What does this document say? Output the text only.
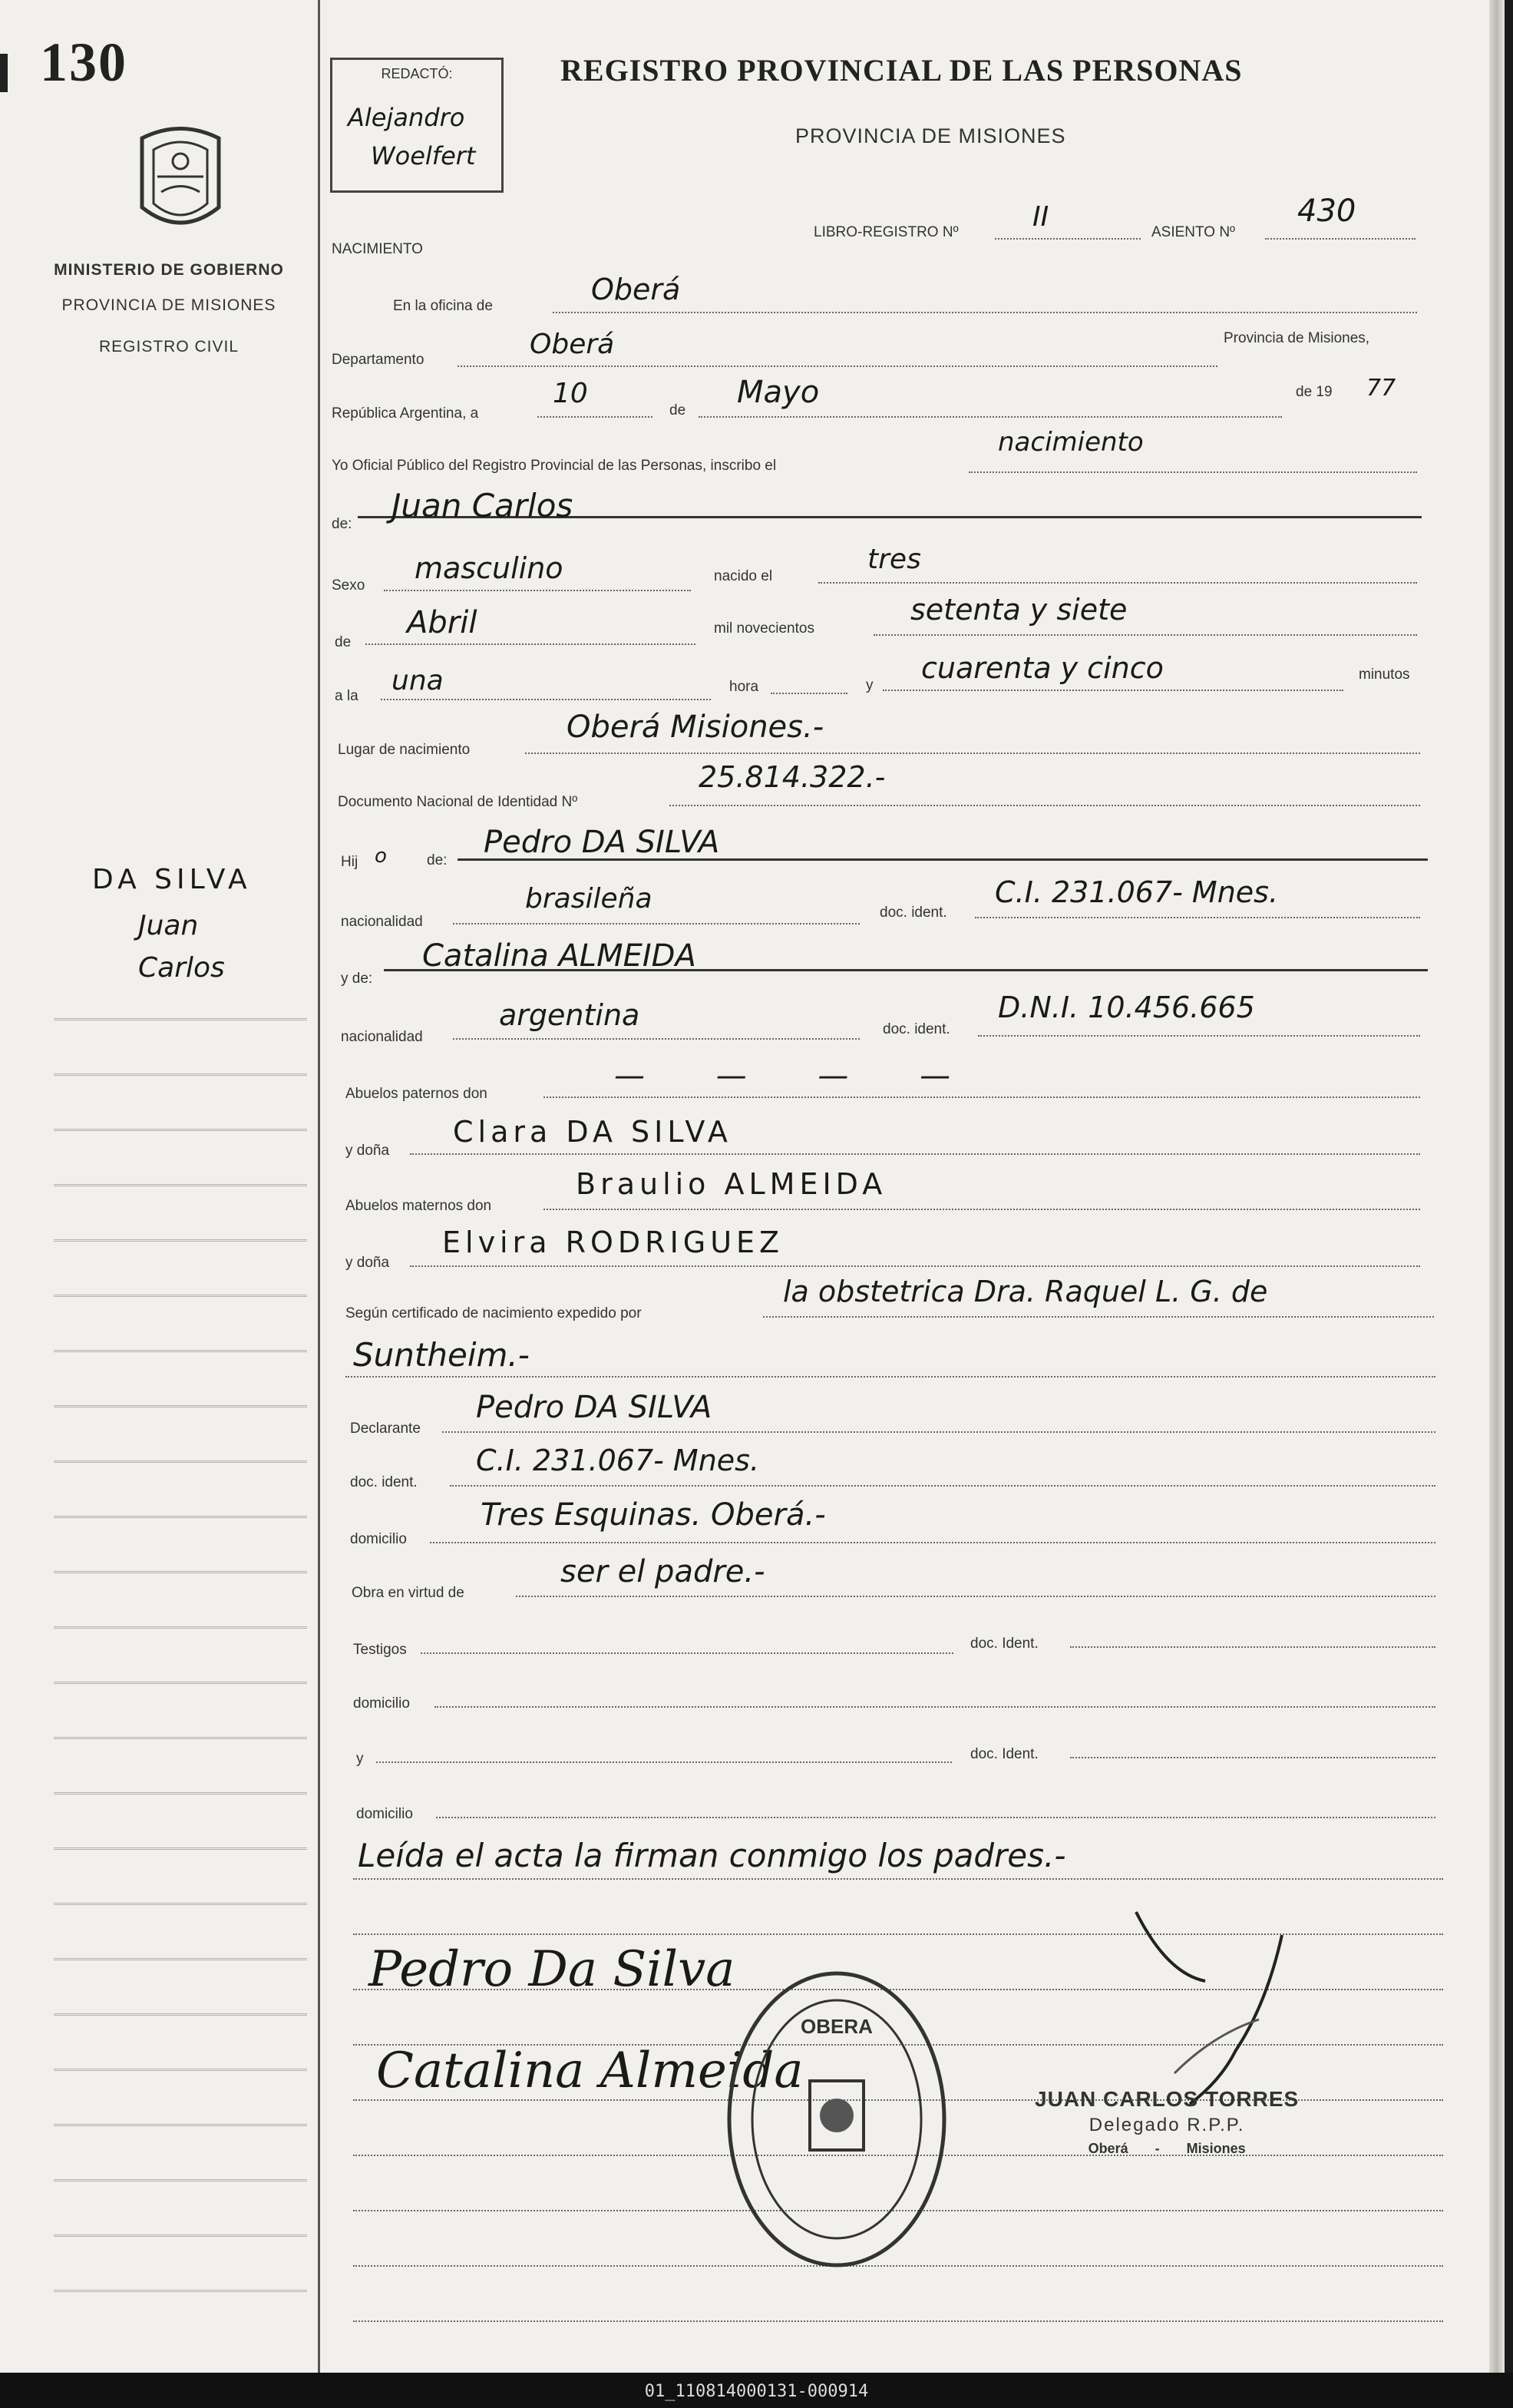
130
MINISTERIO DE GOBIERNO
PROVINCIA DE MISIONES
REGISTRO CIVIL
DA SILVA
Juan
Carlos
REDACTÓ:
Alejandro
Woelfert
REGISTRO PROVINCIAL DE LAS PERSONAS
PROVINCIA DE MISIONES
NACIMIENTO
LIBRO-REGISTRO Nº	II	ASIENTO Nº
430
En la oficina de	Oberá
Departamento	Oberá	Provincia de Misiones,
República Argentina, a
10
de
Mayo	de 19 77
Yo Oficial Público del Registro Provincial de las Personas, inscribo el
nacimiento
de: Juan Carlos
Sexo
masculino	nacido el
tres
de
Abril	mil novecientos
setenta y siete
a la una	hora	y
cuarenta y cinco	minutos
Lugar de nacimiento
Oberá Misiones.-
Documento Nacional de Identidad Nº
25.814.322.-
Hij o	de:
Pedro DA SILVA
nacionalidad
brasileña	doc. ident.
C.I. 231.067- Mnes.
y de:
Catalina ALMEIDA
nacionalidad
argentina	doc. ident.
D.N.I. 10.456.665
Abuelos paternos don
— — — —
y doña
Clara DA SILVA
Abuelos maternos don
Braulio ALMEIDA
y doña
Elvira RODRIGUEZ
Según certificado de nacimiento expedido por
la obstetrica Dra. Raquel L. G. de
Suntheim.-
Declarante
Pedro DA SILVA
doc. ident.
C.I. 231.067- Mnes.
domicilio
Tres Esquinas. Oberá.-
Obra en virtud de
ser el padre.-
Testigos	doc. Ident.
domicilio
y	doc. Ident.
domicilio
Leída el acta la firman conmigo los padres.-
Pedro Da Silva
Catalina Almeida
OBERA
JUAN CARLOS TORRES
Delegado R.P.P.
Oberá - Misiones
01_110814000131-000914
